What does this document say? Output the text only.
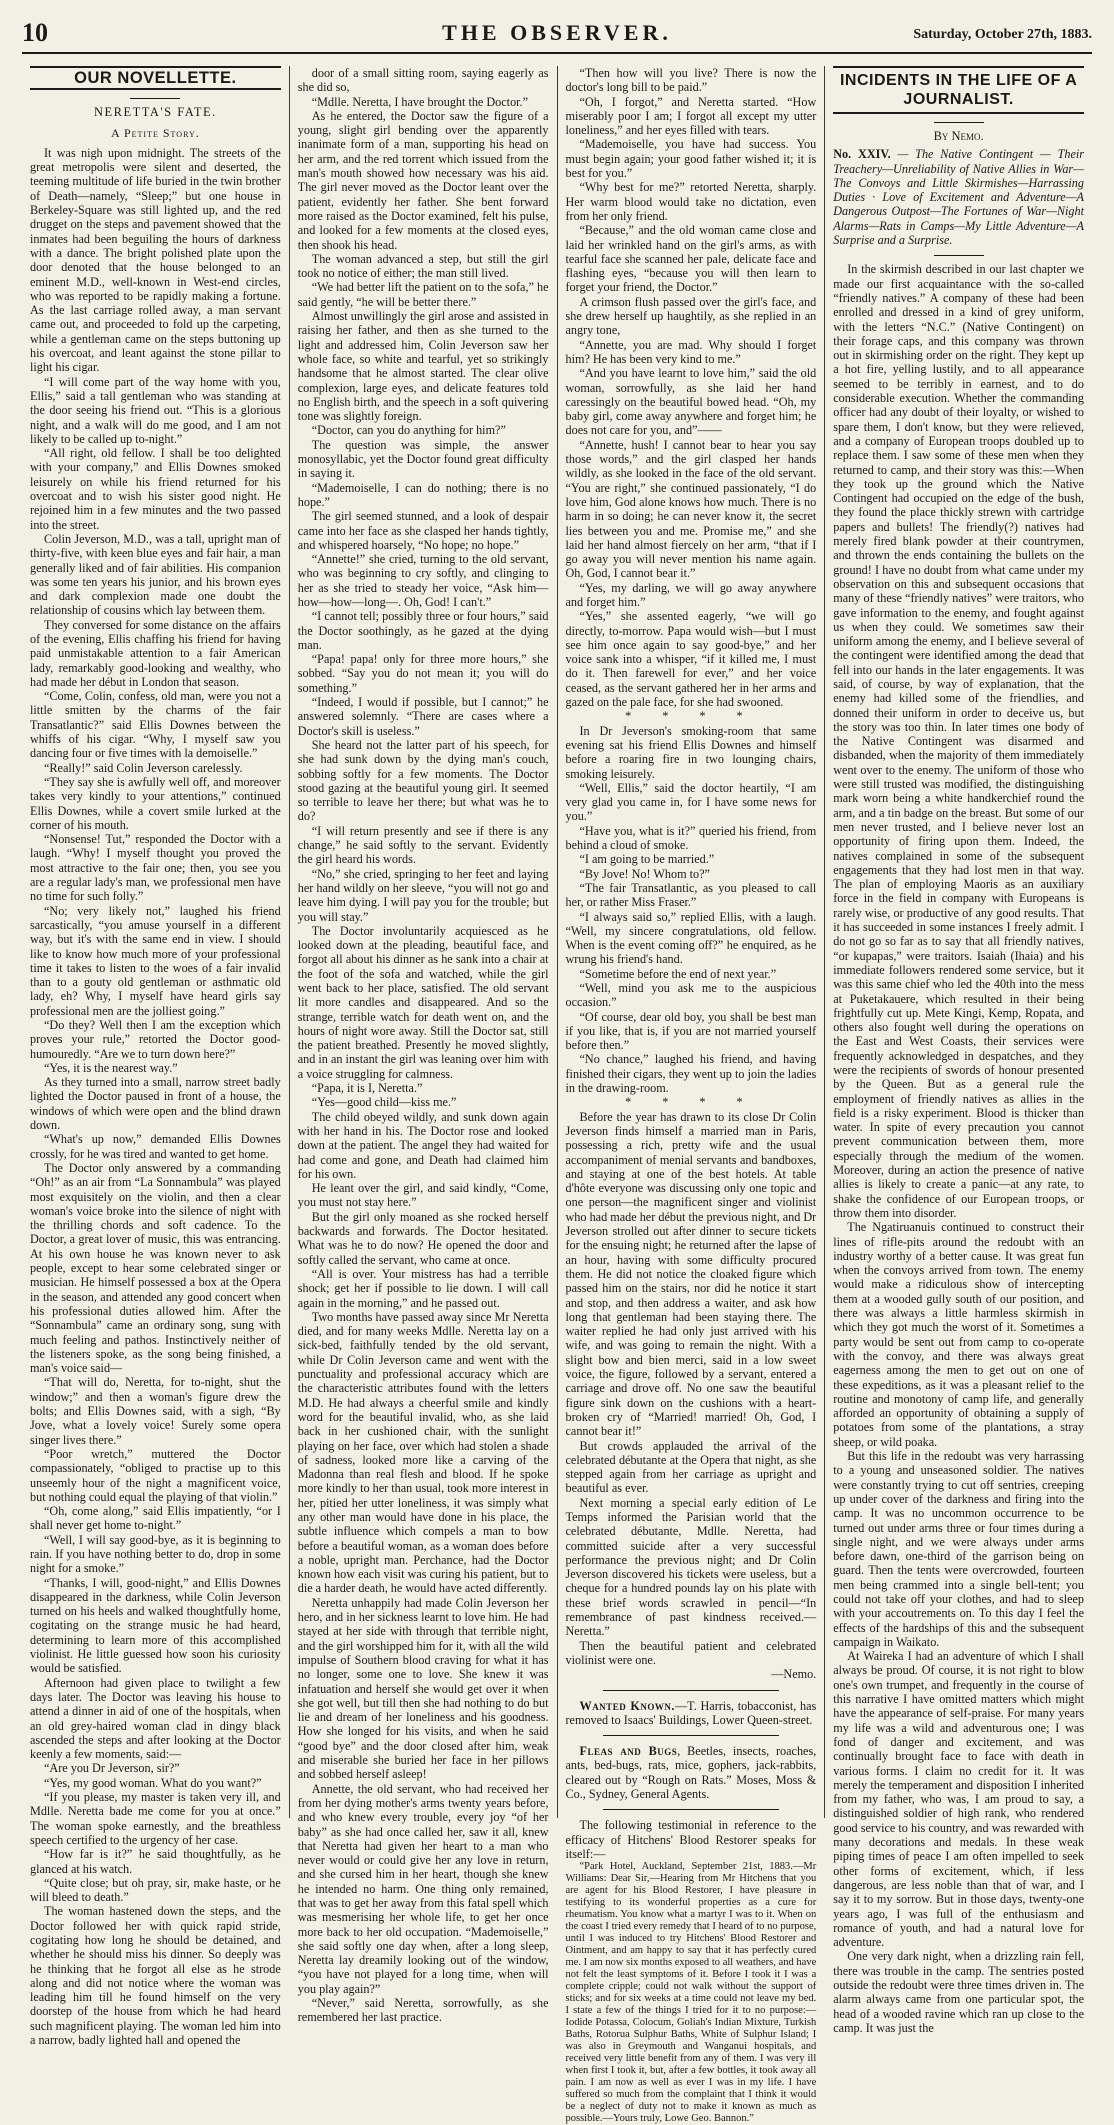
10	THE OBSERVER.	Saturday, October 27th, 1883.
OUR NOVELLETTE.
NERETTA'S FATE.
A Petite Story.

It was nigh upon midnight. The streets of the great metropolis were silent and deserted, the teeming multitude of life buried in the twin brother of Death—namely, “Sleep;” but one house in Berkeley-Square was still lighted up, and the red drugget on the steps and pavement showed that the inmates had been beguiling the hours of darkness with a dance. The bright polished plate upon the door denoted that the house belonged to an eminent M.D., well-known in West-end circles, who was reported to be rapidly making a fortune. As the last carriage rolled away, a man servant came out, and proceeded to fold up the carpeting, while a gentleman came on the steps buttoning up his overcoat, and leant against the stone pillar to light his cigar.

“I will come part of the way home with you, Ellis,” said a tall gentleman who was standing at the door seeing his friend out. “This is a glorious night, and a walk will do me good, and I am not likely to be called up to-night.”

“All right, old fellow. I shall be too delighted with your company,” and Ellis Downes smoked leisurely on while his friend returned for his overcoat and to wish his sister good night. He rejoined him in a few minutes and the two passed into the street.

Colin Jeverson, M.D., was a tall, upright man of thirty-five, with keen blue eyes and fair hair, a man generally liked and of fair abilities. His companion was some ten years his junior, and his brown eyes and dark complexion made one doubt the relationship of cousins which lay between them.

They conversed for some distance on the affairs of the evening, Ellis chaffing his friend for having paid unmistakable attention to a fair American lady, remarkably good-looking and wealthy, who had made her début in London that season.

“Come, Colin, confess, old man, were you not a little smitten by the charms of the fair Transatlantic?” said Ellis Downes between the whiffs of his cigar. “Why, I myself saw you dancing four or five times with la demoiselle.”

“Really!” said Colin Jeverson carelessly.

“They say she is awfully well off, and moreover takes very kindly to your attentions,” continued Ellis Downes, while a covert smile lurked at the corner of his mouth.

“Nonsense! Tut,” responded the Doctor with a laugh. “Why! I myself thought you proved the most attractive to the fair one; then, you see you are a regular lady's man, we professional men have no time for such folly.”

“No; very likely not,” laughed his friend sarcastically, “you amuse yourself in a different way, but it's with the same end in view. I should like to know how much more of your professional time it takes to listen to the woes of a fair invalid than to a gouty old gentleman or asthmatic old lady, eh? Why, I myself have heard girls say professional men are the jolliest going.”

“Do they? Well then I am the exception which proves your rule,” retorted the Doctor good-humouredly. “Are we to turn down here?”

“Yes, it is the nearest way.”

As they turned into a small, narrow street badly lighted the Doctor paused in front of a house, the windows of which were open and the blind drawn down.

“What's up now,” demanded Ellis Downes crossly, for he was tired and wanted to get home.

The Doctor only answered by a commanding “Oh!” as an air from “La Sonnambula” was played most exquisitely on the violin, and then a clear woman's voice broke into the silence of night with the thrilling chords and soft cadence. To the Doctor, a great lover of music, this was entrancing. At his own house he was known never to ask people, except to hear some celebrated singer or musician. He himself possessed a box at the Opera in the season, and attended any good concert when his professional duties allowed him. After the “Sonnambula” came an ordinary song, sung with much feeling and pathos. Instinctively neither of the listeners spoke, as the song being finished, a man's voice said—

“That will do, Neretta, for to-night, shut the window;” and then a woman's figure drew the bolts; and Ellis Downes said, with a sigh, “By Jove, what a lovely voice! Surely some opera singer lives there.”

“Poor wretch,” muttered the Doctor compassionately, “obliged to practise up to this unseemly hour of the night a magnificent voice, but nothing could equal the playing of that violin.”

“Oh, come along,” said Ellis impatiently, “or I shall never get home to-night.”

“Well, I will say good-bye, as it is beginning to rain. If you have nothing better to do, drop in some night for a smoke.”

“Thanks, I will, good-night,” and Ellis Downes disappeared in the darkness, while Colin Jeverson turned on his heels and walked thoughtfully home, cogitating on the strange music he had heard, determining to learn more of this accomplished violinist. He little guessed how soon his curiosity would be satisfied.

Afternoon had given place to twilight a few days later. The Doctor was leaving his house to attend a dinner in aid of one of the hospitals, when an old grey-haired woman clad in dingy black ascended the steps and after looking at the Doctor keenly a few moments, said:—

“Are you Dr Jeverson, sir?”

“Yes, my good woman. What do you want?”

“If you please, my master is taken very ill, and Mdlle. Neretta bade me come for you at once.” The woman spoke earnestly, and the breathless speech certified to the urgency of her case.

“How far is it?” he said thoughtfully, as he glanced at his watch.

“Quite close; but oh pray, sir, make haste, or he will bleed to death.”

The woman hastened down the steps, and the Doctor followed her with quick rapid stride, cogitating how long he should be detained, and whether he should miss his dinner. So deeply was he thinking that he forgot all else as he strode along and did not notice where the woman was leading him till he found himself on the very doorstep of the house from which he had heard such magnificent playing. The woman led him into a narrow, badly lighted hall and opened the

door of a small sitting room, saying eagerly as she did so,

“Mdlle. Neretta, I have brought the Doctor.”

As he entered, the Doctor saw the figure of a young, slight girl bending over the apparently inanimate form of a man, supporting his head on her arm, and the red torrent which issued from the man's mouth showed how necessary was his aid. The girl never moved as the Doctor leant over the patient, evidently her father. She bent forward more raised as the Doctor examined, felt his pulse, and looked for a few moments at the closed eyes, then shook his head.

The woman advanced a step, but still the girl took no notice of either; the man still lived.

“We had better lift the patient on to the sofa,” he said gently, “he will be better there.”

Almost unwillingly the girl arose and assisted in raising her father, and then as she turned to the light and addressed him, Colin Jeverson saw her whole face, so white and tearful, yet so strikingly handsome that he almost started. The clear olive complexion, large eyes, and delicate features told no English birth, and the speech in a soft quivering tone was slightly foreign.

“Doctor, can you do anything for him?”

The question was simple, the answer monosyllabic, yet the Doctor found great difficulty in saying it.

“Mademoiselle, I can do nothing; there is no hope.”

The girl seemed stunned, and a look of despair came into her face as she clasped her hands tightly, and whispered hoarsely, “No hope; no hope.”

“Annette!” she cried, turning to the old servant, who was beginning to cry softly, and clinging to her as she tried to steady her voice, “Ask him—how—how—long—. Oh, God! I can't.”

“I cannot tell; possibly three or four hours,” said the Doctor soothingly, as he gazed at the dying man.

“Papa! papa! only for three more hours,” she sobbed. “Say you do not mean it; you will do something.”

“Indeed, I would if possible, but I cannot;” he answered solemnly. “There are cases where a Doctor's skill is useless.”

She heard not the latter part of his speech, for she had sunk down by the dying man's couch, sobbing softly for a few moments. The Doctor stood gazing at the beautiful young girl. It seemed so terrible to leave her there; but what was he to do?

“I will return presently and see if there is any change,” he said softly to the servant. Evidently the girl heard his words.

“No,” she cried, springing to her feet and laying her hand wildly on her sleeve, “you will not go and leave him dying. I will pay you for the trouble; but you will stay.”

The Doctor involuntarily acquiesced as he looked down at the pleading, beautiful face, and forgot all about his dinner as he sank into a chair at the foot of the sofa and watched, while the girl went back to her place, satisfied. The old servant lit more candles and disappeared. And so the strange, terrible watch for death went on, and the hours of night wore away. Still the Doctor sat, still the patient breathed. Presently he moved slightly, and in an instant the girl was leaning over him with a voice struggling for calmness.

“Papa, it is I, Neretta.”

“Yes—good child—kiss me.”

The child obeyed wildly, and sunk down again with her hand in his. The Doctor rose and looked down at the patient. The angel they had waited for had come and gone, and Death had claimed him for his own.

He leant over the girl, and said kindly, “Come, you must not stay here.”

But the girl only moaned as she rocked herself backwards and forwards. The Doctor hesitated. What was he to do now? He opened the door and softly called the servant, who came at once.

“All is over. Your mistress has had a terrible shock; get her if possible to lie down. I will call again in the morning,” and he passed out.

Two months have passed away since Mr Neretta died, and for many weeks Mdlle. Neretta lay on a sick-bed, faithfully tended by the old servant, while Dr Colin Jeverson came and went with the punctuality and professional accuracy which are the characteristic attributes found with the letters M.D. He had always a cheerful smile and kindly word for the beautiful invalid, who, as she laid back in her cushioned chair, with the sunlight playing on her face, over which had stolen a shade of sadness, looked more like a carving of the Madonna than real flesh and blood. If he spoke more kindly to her than usual, took more interest in her, pitied her utter loneliness, it was simply what any other man would have done in his place, the subtle influence which compels a man to bow before a beautiful woman, as a woman does before a noble, upright man. Perchance, had the Doctor known how each visit was curing his patient, but to die a harder death, he would have acted differently.

Neretta unhappily had made Colin Jeverson her hero, and in her sickness learnt to love him. He had stayed at her side with through that terrible night, and the girl worshipped him for it, with all the wild impulse of Southern blood craving for what it has no longer, some one to love. She knew it was infatuation and herself she would get over it when she got well, but till then she had nothing to do but lie and dream of her loneliness and his goodness. How she longed for his visits, and when he said “good bye” and the door closed after him, weak and miserable she buried her face in her pillows and sobbed herself asleep!

Annette, the old servant, who had received her from her dying mother's arms twenty years before, and who knew every trouble, every joy “of her baby” as she had once called her, saw it all, knew that Neretta had given her heart to a man who never would or could give her any love in return, and she cursed him in her heart, though she knew he intended no harm. One thing only remained, that was to get her away from this fatal spell which was mesmerising her whole life, to get her once more back to her old occupation. “Mademoiselle,” she said softly one day when, after a long sleep, Neretta lay dreamily looking out of the window, “you have not played for a long time, when will you play again?”

“Never,” said Neretta, sorrowfully, as she remembered her last practice.

“Then how will you live? There is now the doctor's long bill to be paid.”

“Oh, I forgot,” and Neretta started. “How miserably poor I am; I forgot all except my utter loneliness,” and her eyes filled with tears.

“Mademoiselle, you have had success. You must begin again; your good father wished it; it is best for you.”

“Why best for me?” retorted Neretta, sharply. Her warm blood would take no dictation, even from her only friend.

“Because,” and the old woman came close and laid her wrinkled hand on the girl's arms, as with tearful face she scanned her pale, delicate face and flashing eyes, “because you will then learn to forget your friend, the Doctor.”

A crimson flush passed over the girl's face, and she drew herself up haughtily, as she replied in an angry tone,

“Annette, you are mad. Why should I forget him? He has been very kind to me.”

“And you have learnt to love him,” said the old woman, sorrowfully, as she laid her hand caressingly on the beautiful bowed head. “Oh, my baby girl, come away anywhere and forget him; he does not care for you, and”——

“Annette, hush! I cannot bear to hear you say those words,” and the girl clasped her hands wildly, as she looked in the face of the old servant. “You are right,” she continued passionately, “I do love him, God alone knows how much. There is no harm in so doing; he can never know it, the secret lies between you and me. Promise me,” and she laid her hand almost fiercely on her arm, “that if I go away you will never mention his name again. Oh, God, I cannot bear it.”

“Yes, my darling, we will go away anywhere and forget him.”

“Yes,” she assented eagerly, “we will go directly, to-morrow. Papa would wish—but I must see him once again to say good-bye,” and her voice sank into a whisper, “if it killed me, I must do it. Then farewell for ever,” and her voice ceased, as the servant gathered her in her arms and gazed on the pale face, for she had swooned.

* * * *

In Dr Jeverson's smoking-room that same evening sat his friend Ellis Downes and himself before a roaring fire in two lounging chairs, smoking leisurely.

“Well, Ellis,” said the doctor heartily, “I am very glad you came in, for I have some news for you.”

“Have you, what is it?” queried his friend, from behind a cloud of smoke.

“I am going to be married.”

“By Jove! No! Whom to?”

“The fair Transatlantic, as you pleased to call her, or rather Miss Fraser.”

“I always said so,” replied Ellis, with a laugh. “Well, my sincere congratulations, old fellow. When is the event coming off?” he enquired, as he wrung his friend's hand.

“Sometime before the end of next year.”

“Well, mind you ask me to the auspicious occasion.”

“Of course, dear old boy, you shall be best man if you like, that is, if you are not married yourself before then.”

“No chance,” laughed his friend, and having finished their cigars, they went up to join the ladies in the drawing-room.

* * * *

Before the year has drawn to its close Dr Colin Jeverson finds himself a married man in Paris, possessing a rich, pretty wife and the usual accompaniment of menial servants and bandboxes, and staying at one of the best hotels. At table d'hôte everyone was discussing only one topic and one person—the magnificent singer and violinist who had made her début the previous night, and Dr Jeverson strolled out after dinner to secure tickets for the ensuing night; he returned after the lapse of an hour, having with some difficulty procured them. He did not notice the cloaked figure which passed him on the stairs, nor did he notice it start and stop, and then address a waiter, and ask how long that gentleman had been staying there. The waiter replied he had only just arrived with his wife, and was going to remain the night. With a slight bow and bien merci, said in a low sweet voice, the figure, followed by a servant, entered a carriage and drove off. No one saw the beautiful figure sink down on the cushions with a heart-broken cry of “Married! married! Oh, God, I cannot bear it!”

But crowds applauded the arrival of the celebrated débutante at the Opera that night, as she stepped again from her carriage as upright and beautiful as ever.

Next morning a special early edition of Le Temps informed the Parisian world that the celebrated débutante, Mdlle. Neretta, had committed suicide after a very successful performance the previous night; and Dr Colin Jeverson discovered his tickets were useless, but a cheque for a hundred pounds lay on his plate with these brief words scrawled in pencil—“In remembrance of past kindness received.—Neretta.”

Then the beautiful patient and celebrated violinist were one.

—Nemo.

Wanted Known.—T. Harris, tobacconist, has removed to Isaacs' Buildings, Lower Queen-street.

Fleas and Bugs, Beetles, insects, roaches, ants, bed-bugs, rats, mice, gophers, jack-rabbits, cleared out by “Rough on Rats.” Moses, Moss & Co., Sydney, General Agents.

The following testimonial in reference to the efficacy of Hitchens' Blood Restorer speaks for itself:—

“Park Hotel, Auckland, September 21st, 1883.—Mr Williams: Dear Sir,—Hearing from Mr Hitchens that you are agent for his Blood Restorer, I have pleasure in testifying to its wonderful properties as a cure for rheumatism. You know what a martyr I was to it. When on the coast I tried every remedy that I heard of to no purpose, until I was induced to try Hitchens' Blood Restorer and Ointment, and am happy to say that it has perfectly cured me. I am now six months exposed to all weathers, and have not felt the least symptoms of it. Before I took it I was a complete cripple; could not walk without the support of sticks; and for six weeks at a time could not leave my bed. I state a few of the things I tried for it to no purpose:—Iodide Potassa, Colocum, Goliah's Indian Mixture, Turkish Baths, Rotorua Sulphur Baths, White of Sulphur Island; I was also in Greymouth and Wanganui hospitals, and received very little benefit from any of them. I was very ill when first I took it, but, after a few bottles, it took away all pain. I am now as well as ever I was in my life. I have suffered so much from the complaint that I think it would be a neglect of duty not to make it known as much as possible.—Yours truly, Lowe Geo. Bannon.”

INCIDENTS IN THE LIFE OF A
JOURNALIST.
By Nemo.

No. XXIV. — The Native Contingent — Their Treachery—Unreliability of Native Allies in War—The Convoys and Little Skirmishes—Harrassing Duties · Love of Excitement and Adventure—A Dangerous Outpost—The Fortunes of War—Night Alarms—Rats in Camps—My Little Adventure—A Surprise and a Surprise.

In the skirmish described in our last chapter we made our first acquaintance with the so-called “friendly natives.” A company of these had been enrolled and dressed in a kind of grey uniform, with the letters “N.C.” (Native Contingent) on their forage caps, and this company was thrown out in skirmishing order on the right. They kept up a hot fire, yelling lustily, and to all appearance seemed to be terribly in earnest, and to do considerable execution. Whether the commanding officer had any doubt of their loyalty, or wished to spare them, I don't know, but they were relieved, and a company of European troops doubled up to replace them. I saw some of these men when they returned to camp, and their story was this:—When they took up the ground which the Native Contingent had occupied on the edge of the bush, they found the place thickly strewn with cartridge papers and bullets! The friendly(?) natives had merely fired blank powder at their countrymen, and thrown the ends containing the bullets on the ground! I have no doubt from what came under my observation on this and subsequent occasions that many of these “friendly natives” were traitors, who gave information to the enemy, and fought against us when they could. We sometimes saw their uniform among the enemy, and I believe several of the contingent were identified among the dead that fell into our hands in the later engagements. It was said, of course, by way of explanation, that the enemy had killed some of the friendlies, and donned their uniform in order to deceive us, but the story was too thin. In later times one body of the Native Contingent was disarmed and disbanded, when the majority of them immediately went over to the enemy. The uniform of those who were still trusted was modified, the distinguishing mark worn being a white handkerchief round the arm, and a tin badge on the breast. But some of our men never trusted, and I believe never lost an opportunity of firing upon them. Indeed, the natives complained in some of the subsequent engagements that they had lost men in that way. The plan of employing Maoris as an auxiliary force in the field in company with Europeans is rarely wise, or productive of any good results. That it has succeeded in some instances I freely admit. I do not go so far as to say that all friendly natives, “or kupapas,” were traitors. Isaiah (Ihaia) and his immediate followers rendered some service, but it was this same chief who led the 40th into the mess at Puketakauere, which resulted in their being frightfully cut up. Mete Kingi, Kemp, Ropata, and others also fought well during the operations on the East and West Coasts, their services were frequently acknowledged in despatches, and they were the recipients of swords of honour presented by the Queen. But as a general rule the employment of friendly natives as allies in the field is a risky experiment. Blood is thicker than water. In spite of every precaution you cannot prevent communication between them, more especially through the medium of the women. Moreover, during an action the presence of native allies is likely to create a panic—at any rate, to shake the confidence of our European troops, or throw them into disorder.

The Ngatiruanuis continued to construct their lines of rifle-pits around the redoubt with an industry worthy of a better cause. It was great fun when the convoys arrived from town. The enemy would make a ridiculous show of intercepting them at a wooded gully south of our position, and there was always a little harmless skirmish in which they got much the worst of it. Sometimes a party would be sent out from camp to co-operate with the convoy, and there was always great eagerness among the men to get out on one of these expeditions, as it was a pleasant relief to the routine and monotony of camp life, and generally afforded an opportunity of obtaining a supply of potatoes from some of the plantations, a stray sheep, or wild poaka.

But this life in the redoubt was very harrassing to a young and unseasoned soldier. The natives were constantly trying to cut off sentries, creeping up under cover of the darkness and firing into the camp. It was no uncommon occurrence to be turned out under arms three or four times during a single night, and we were always under arms before dawn, one-third of the garrison being on guard. Then the tents were overcrowded, fourteen men being crammed into a single bell-tent; you could not take off your clothes, and had to sleep with your accoutrements on. To this day I feel the effects of the hardships of this and the subsequent campaign in Waikato.

At Waireka I had an adventure of which I shall always be proud. Of course, it is not right to blow one's own trumpet, and frequently in the course of this narrative I have omitted matters which might have the appearance of self-praise. For many years my life was a wild and adventurous one; I was fond of danger and excitement, and was continually brought face to face with death in various forms. I claim no credit for it. It was merely the temperament and disposition I inherited from my father, who was, I am proud to say, a distinguished soldier of high rank, who rendered good service to his country, and was rewarded with many decorations and medals. In these weak piping times of peace I am often impelled to seek other forms of excitement, which, if less dangerous, are less noble than that of war, and I say it to my sorrow. But in those days, twenty-one years ago, I was full of the enthusiasm and romance of youth, and had a natural love for adventure.

One very dark night, when a drizzling rain fell, there was trouble in the camp. The sentries posted outside the redoubt were three times driven in. The alarm always came from one particular spot, the head of a wooded ravine which ran up close to the camp. It was just the
